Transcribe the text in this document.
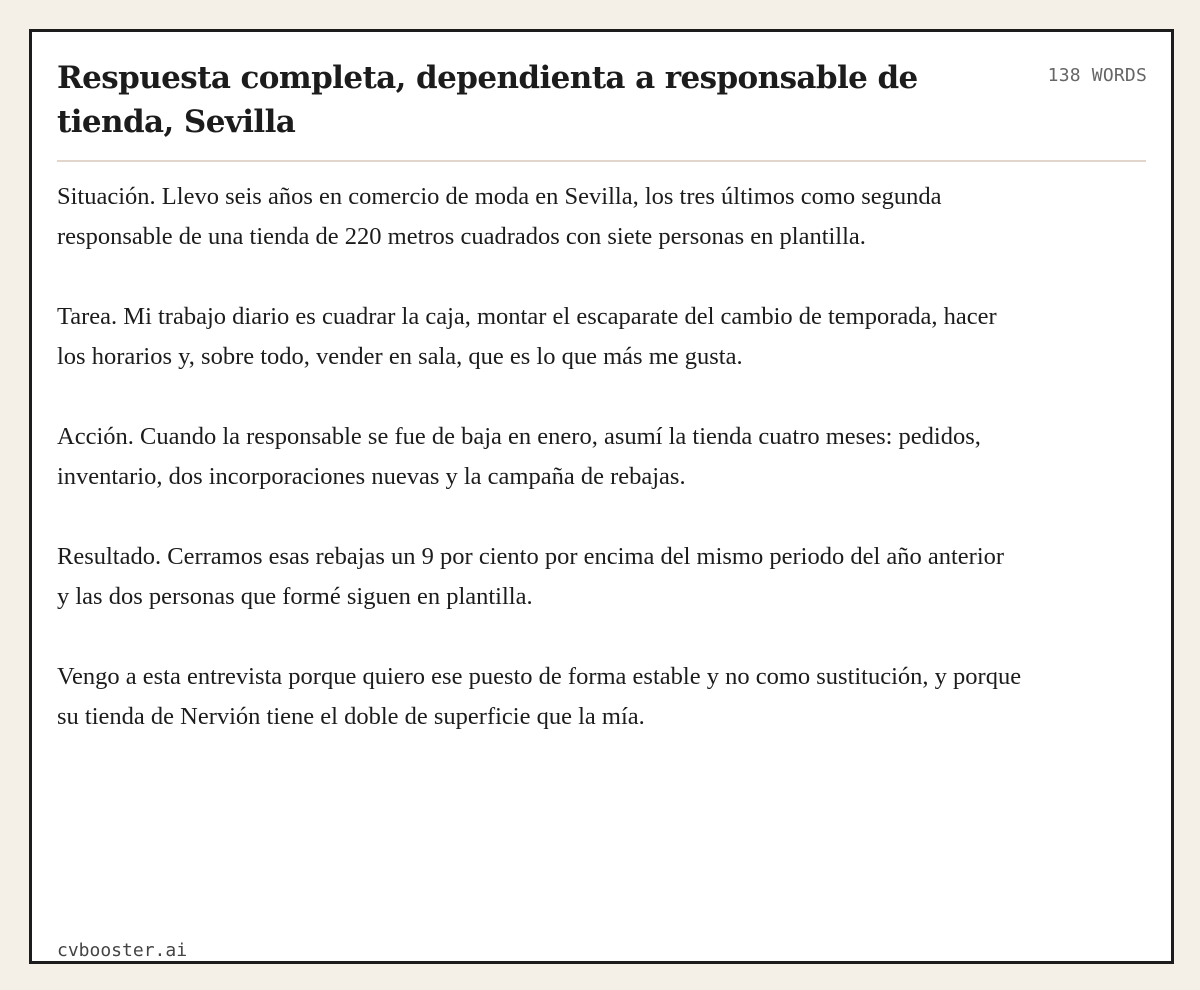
Respuesta completa, dependienta a responsable de tienda, Sevilla
138 WORDS

Situación. Llevo seis años en comercio de moda en Sevilla, los tres últimos como segunda responsable de una tienda de 220 metros cuadrados con siete personas en plantilla.

Tarea. Mi trabajo diario es cuadrar la caja, montar el escaparate del cambio de temporada, hacer los horarios y, sobre todo, vender en sala, que es lo que más me gusta.

Acción. Cuando la responsable se fue de baja en enero, asumí la tienda cuatro meses: pedidos, inventario, dos incorporaciones nuevas y la campaña de rebajas.

Resultado. Cerramos esas rebajas un 9 por ciento por encima del mismo periodo del año anterior y las dos personas que formé siguen en plantilla.

Vengo a esta entrevista porque quiero ese puesto de forma estable y no como sustitución, y porque su tienda de Nervión tiene el doble de superficie que la mía.

cvbooster.ai
